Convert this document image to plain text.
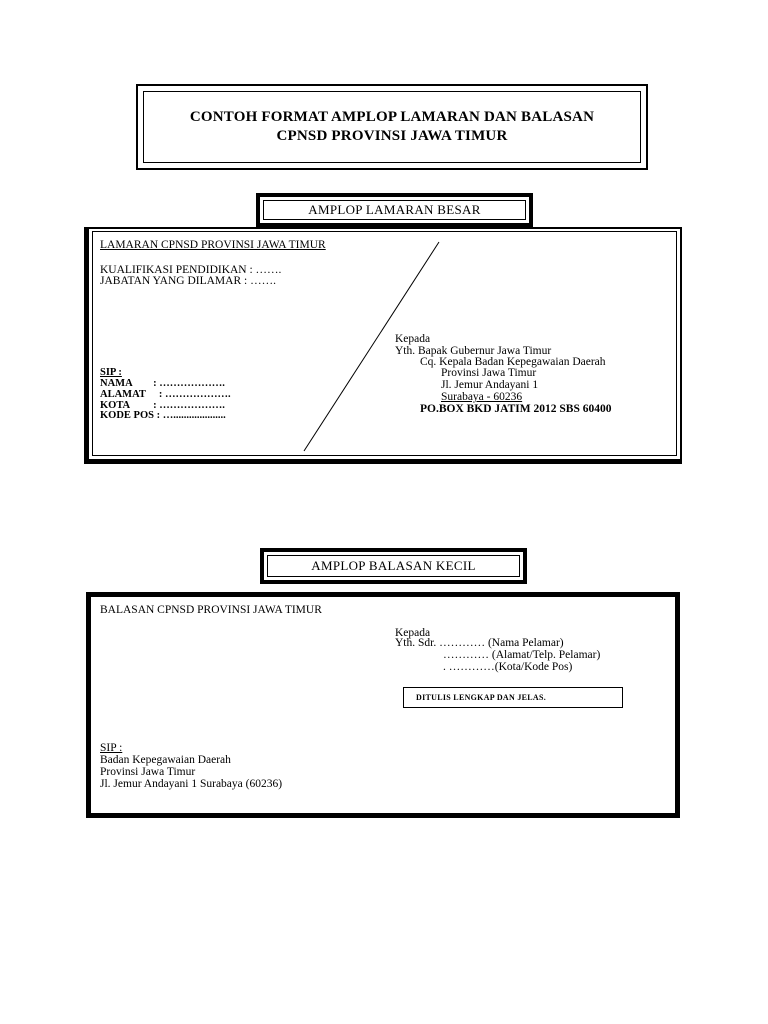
CONTOH FORMAT AMPLOP LAMARAN DAN BALASAN
CPNSD PROVINSI JAWA TIMUR
AMPLOP LAMARAN BESAR
LAMARAN CPNSD PROVINSI JAWA TIMUR
KUALIFIKASI PENDIDIKAN : …….
JABATAN YANG DILAMAR : …….
SIP :
NAMA        : ……………….
ALAMAT     : ……………….
KOTA         : ……………….
KODE POS : …....................
Kepada
Yth. Bapak Gubernur Jawa Timur
Cq. Kepala Badan Kepegawaian Daerah
Provinsi Jawa Timur
Jl. Jemur Andayani 1
Surabaya - 60236
PO.BOX BKD JATIM 2012 SBS 60400
AMPLOP BALASAN KECIL
BALASAN CPNSD PROVINSI JAWA TIMUR
Kepada
Yth. Sdr. ………… (Nama Pelamar)
………… (Alamat/Telp. Pelamar)
. …………(Kota/Kode Pos)
DITULIS LENGKAP DAN JELAS.
SIP :
Badan Kepegawaian Daerah
Provinsi Jawa Timur
Jl. Jemur Andayani 1 Surabaya (60236)
